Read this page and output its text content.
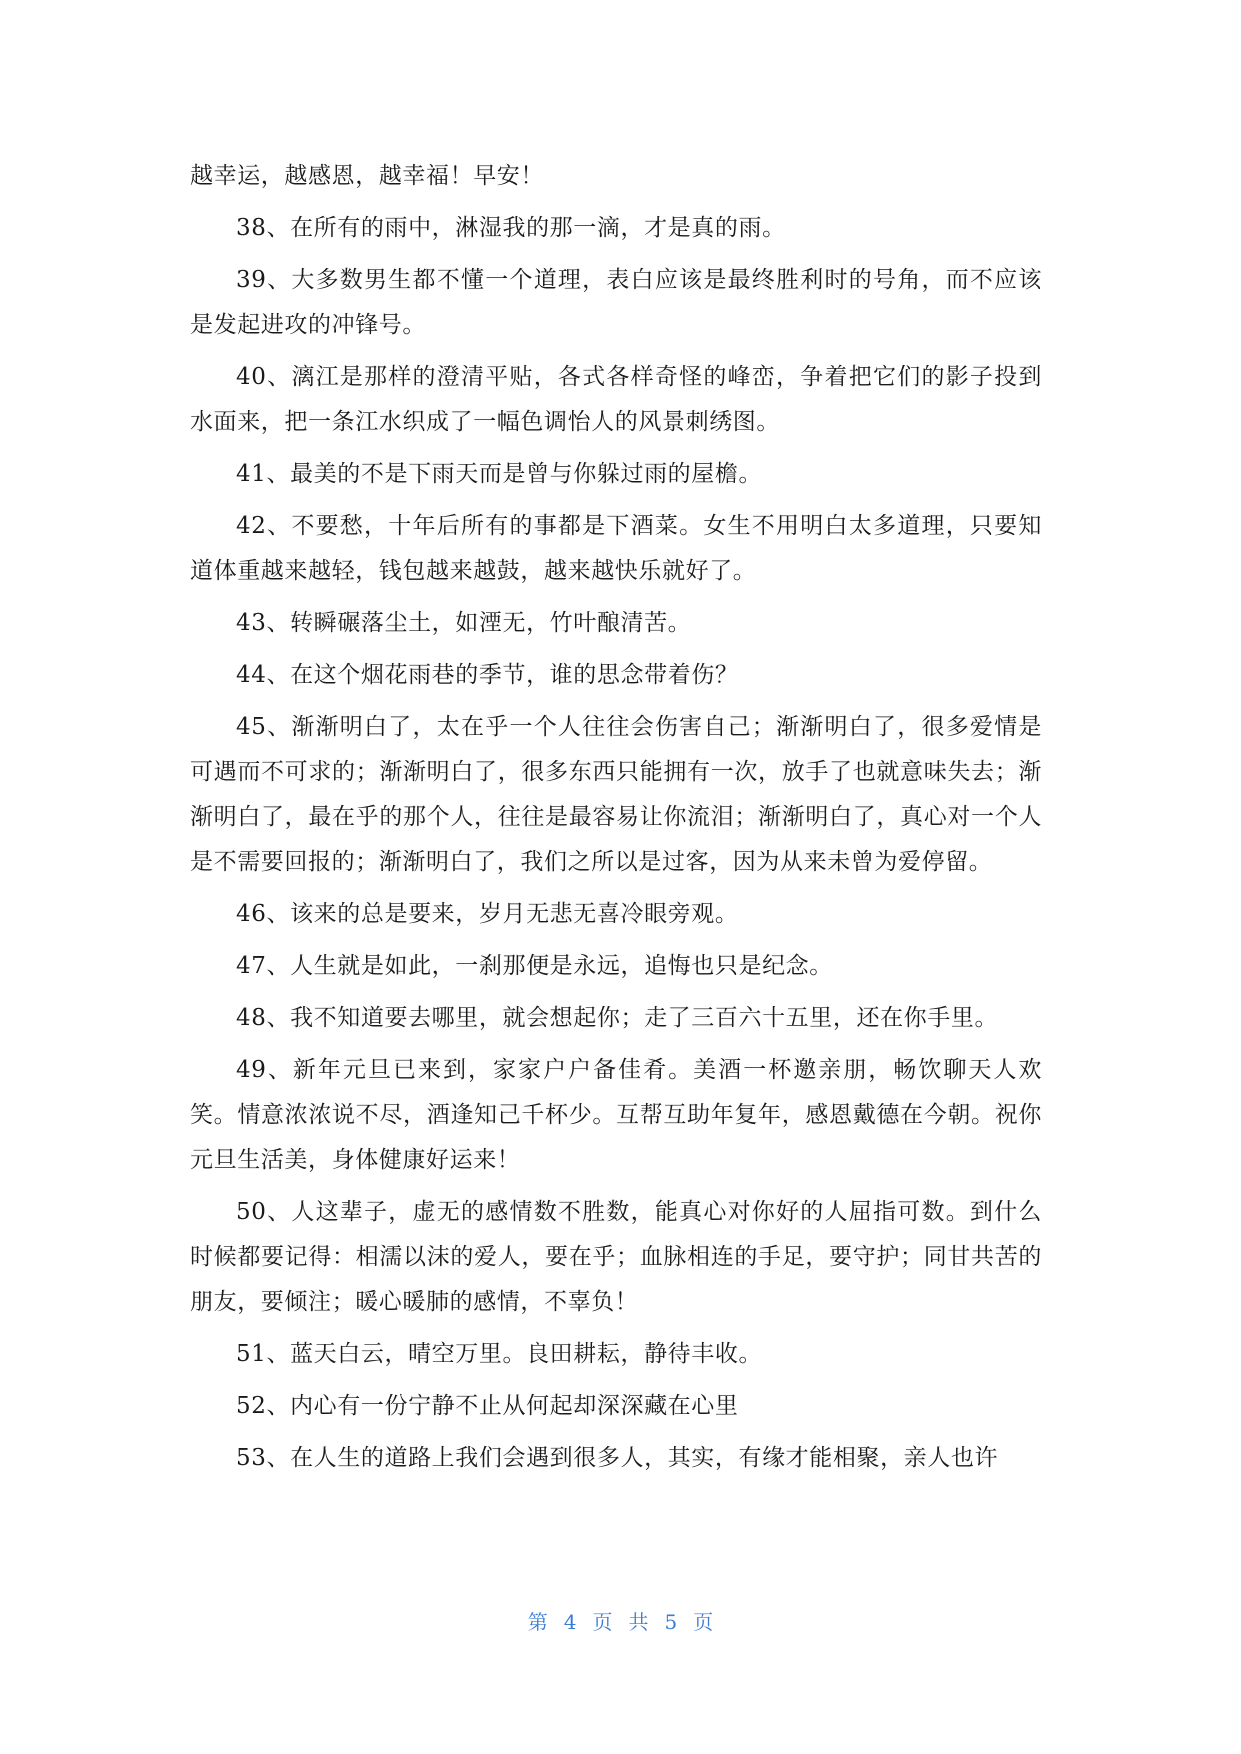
越幸运，越感恩，越幸福！早安！

38、在所有的雨中，淋湿我的那一滴，才是真的雨。

39、大多数男生都不懂一个道理，表白应该是最终胜利时的号角，而不应该是发起进攻的冲锋号。

40、漓江是那样的澄清平贴，各式各样奇怪的峰峦，争着把它们的影子投到水面来，把一条江水织成了一幅色调怡人的风景刺绣图。

41、最美的不是下雨天而是曾与你躲过雨的屋檐。

42、不要愁，十年后所有的事都是下酒菜。女生不用明白太多道理，只要知道体重越来越轻，钱包越来越鼓，越来越快乐就好了。

43、转瞬碾落尘土，如湮无，竹叶酿清苦。

44、在这个烟花雨巷的季节，谁的思念带着伤？

45、渐渐明白了，太在乎一个人往往会伤害自己；渐渐明白了，很多爱情是可遇而不可求的；渐渐明白了，很多东西只能拥有一次，放手了也就意味失去；渐渐明白了，最在乎的那个人，往往是最容易让你流泪；渐渐明白了，真心对一个人是不需要回报的；渐渐明白了，我们之所以是过客，因为从来未曾为爱停留。

46、该来的总是要来，岁月无悲无喜冷眼旁观。

47、人生就是如此，一刹那便是永远，追悔也只是纪念。

48、我不知道要去哪里，就会想起你；走了三百六十五里，还在你手里。

49、新年元旦已来到，家家户户备佳肴。美酒一杯邀亲朋，畅饮聊天人欢笑。情意浓浓说不尽，酒逢知己千杯少。互帮互助年复年，感恩戴德在今朝。祝你元旦生活美，身体健康好运来！

50、人这辈子，虚无的感情数不胜数，能真心对你好的人屈指可数。到什么时候都要记得：相濡以沫的爱人，要在乎；血脉相连的手足，要守护；同甘共苦的朋友，要倾注；暖心暖肺的感情，不辜负！

51、蓝天白云，晴空万里。良田耕耘，静待丰收。

52、内心有一份宁静不止从何起却深深藏在心里

53、在人生的道路上我们会遇到很多人，其实，有缘才能相聚，亲人也许

第 4 页 共 5 页
